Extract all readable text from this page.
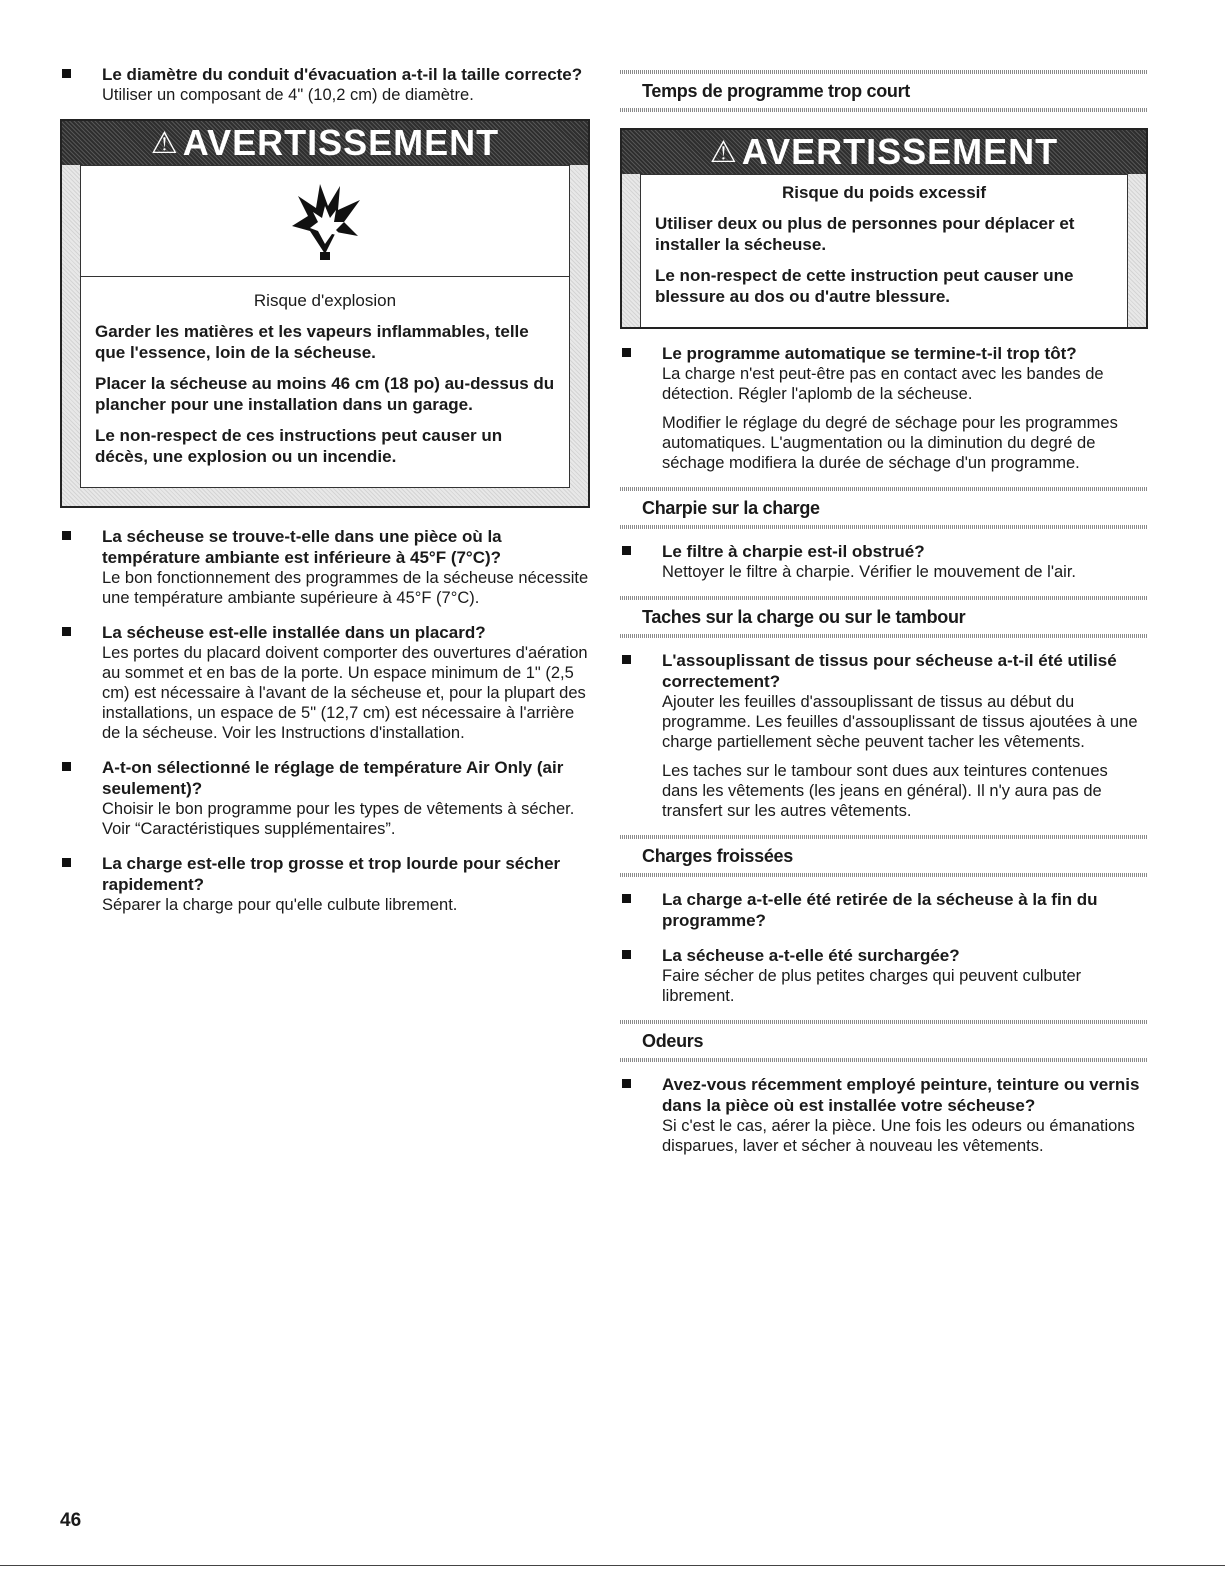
Le diamètre du conduit d'évacuation a-t-il la taille correcte?
Utiliser un composant de 4" (10,2 cm) de diamètre.
⚠ AVERTISSEMENT
Risque d'explosion
Garder les matières et les vapeurs inflammables, telle que l'essence, loin de la sécheuse.
Placer la sécheuse au moins 46 cm (18 po) au-dessus du plancher pour une installation dans un garage.
Le non-respect de ces instructions peut causer un décès, une explosion ou un incendie.
La sécheuse se trouve-t-elle dans une pièce où la température ambiante est inférieure à 45°F (7°C)?
Le bon fonctionnement des programmes de la sécheuse nécessite une température ambiante supérieure à 45°F (7°C).
La sécheuse est-elle installée dans un placard?
Les portes du placard doivent comporter des ouvertures d'aération au sommet et en bas de la porte. Un espace minimum de 1" (2,5 cm) est nécessaire à l'avant de la sécheuse et, pour la plupart des installations, un espace de 5" (12,7 cm) est nécessaire à l'arrière de la sécheuse. Voir les Instructions d'installation.
A-t-on sélectionné le réglage de température Air Only (air seulement)?
Choisir le bon programme pour les types de vêtements à sécher. Voir “Caractéristiques supplémentaires”.
La charge est-elle trop grosse et trop lourde pour sécher rapidement?
Séparer la charge pour qu'elle culbute librement.
Temps de programme trop court
⚠ AVERTISSEMENT
Risque du poids excessif
Utiliser deux ou plus de personnes pour déplacer et installer la sécheuse.
Le non-respect de cette instruction peut causer une blessure au dos ou d'autre blessure.
Le programme automatique se termine-t-il trop tôt?
La charge n'est peut-être pas en contact avec les bandes de détection. Régler l'aplomb de la sécheuse.
Modifier le réglage du degré de séchage pour les programmes automatiques. L'augmentation ou la diminution du degré de séchage modifiera la durée de séchage d'un programme.
Charpie sur la charge
Le filtre à charpie est-il obstrué?
Nettoyer le filtre à charpie. Vérifier le mouvement de l'air.
Taches sur la charge ou sur le tambour
L'assouplissant de tissus pour sécheuse a-t-il été utilisé correctement?
Ajouter les feuilles d'assouplissant de tissus au début du programme. Les feuilles d'assouplissant de tissus ajoutées à une charge partiellement sèche peuvent tacher les vêtements.
Les taches sur le tambour sont dues aux teintures contenues dans les vêtements (les jeans en général). Il n'y aura pas de transfert sur les autres vêtements.
Charges froissées
La charge a-t-elle été retirée de la sécheuse à la fin du programme?
La sécheuse a-t-elle été surchargée?
Faire sécher de plus petites charges qui peuvent culbuter librement.
Odeurs
Avez-vous récemment employé peinture, teinture ou vernis dans la pièce où est installée votre sécheuse?
Si c'est le cas, aérer la pièce. Une fois les odeurs ou émanations disparues, laver et sécher à nouveau les vêtements.
46
